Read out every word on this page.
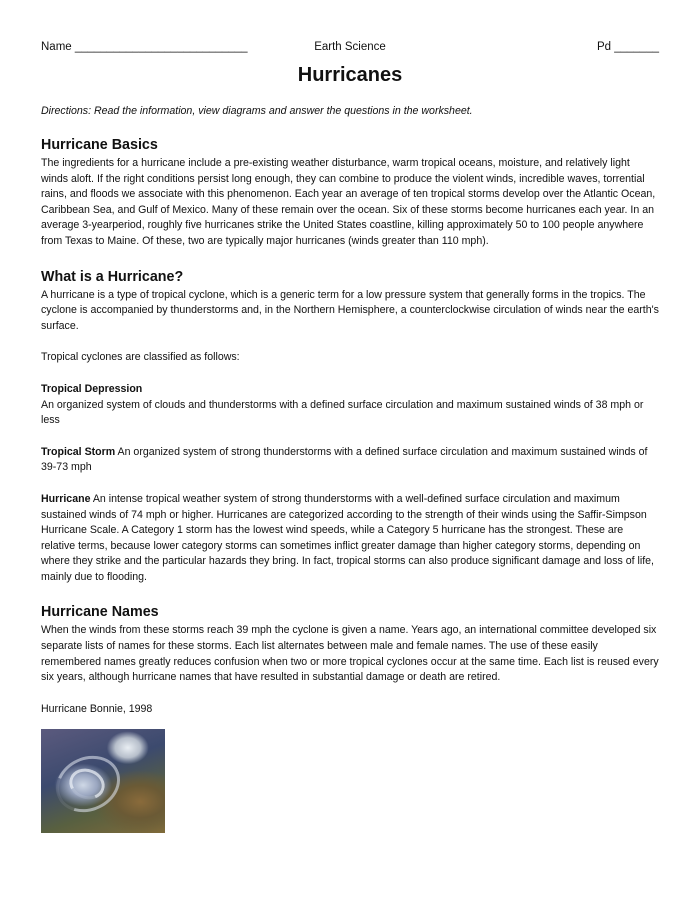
Name ___________________________	Earth Science	Pd _______
Hurricanes

Directions: Read the information, view diagrams and answer the questions in the worksheet.

Hurricane Basics

The ingredients for a hurricane include a pre-existing weather disturbance, warm tropical oceans, moisture, and relatively light winds aloft. If the right conditions persist long enough, they can combine to produce the violent winds, incredible waves, torrential rains, and floods we associate with this phenomenon. Each year an average of ten tropical storms develop over the Atlantic Ocean, Caribbean Sea, and Gulf of Mexico. Many of these remain over the ocean. Six of these storms become hurricanes each year. In an average 3-yearperiod, roughly five hurricanes strike the United States coastline, killing approximately 50 to 100 people anywhere from Texas to Maine. Of these, two are typically major hurricanes (winds greater than 110 mph).

What is a Hurricane?

A hurricane is a type of tropical cyclone, which is a generic term for a low pressure system that generally forms in the tropics. The cyclone is accompanied by thunderstorms and, in the Northern Hemisphere, a counterclockwise circulation of winds near the earth's surface.

Tropical cyclones are classified as follows:

Tropical Depression

An organized system of clouds and thunderstorms with a defined surface circulation and maximum sustained winds of 38 mph or less

Tropical Storm An organized system of strong thunderstorms with a defined surface circulation and maximum sustained winds of 39-73 mph

Hurricane An intense tropical weather system of strong thunderstorms with a well-defined surface circulation and maximum sustained winds of 74 mph or higher. Hurricanes are categorized according to the strength of their winds using the Saffir-Simpson Hurricane Scale. A Category 1 storm has the lowest wind speeds, while a Category 5 hurricane has the strongest. These are relative terms, because lower category storms can sometimes inflict greater damage than higher category storms, depending on where they strike and the particular hazards they bring. In fact, tropical storms can also produce significant damage and loss of life, mainly due to flooding.

Hurricane Names

When the winds from these storms reach 39 mph the cyclone is given a name. Years ago, an international committee developed six separate lists of names for these storms. Each list alternates between male and female names. The use of these easily remembered names greatly reduces confusion when two or more tropical cyclones occur at the same time. Each list is reused every six years, although hurricane names that have resulted in substantial damage or death are retired.

Hurricane Bonnie, 1998
